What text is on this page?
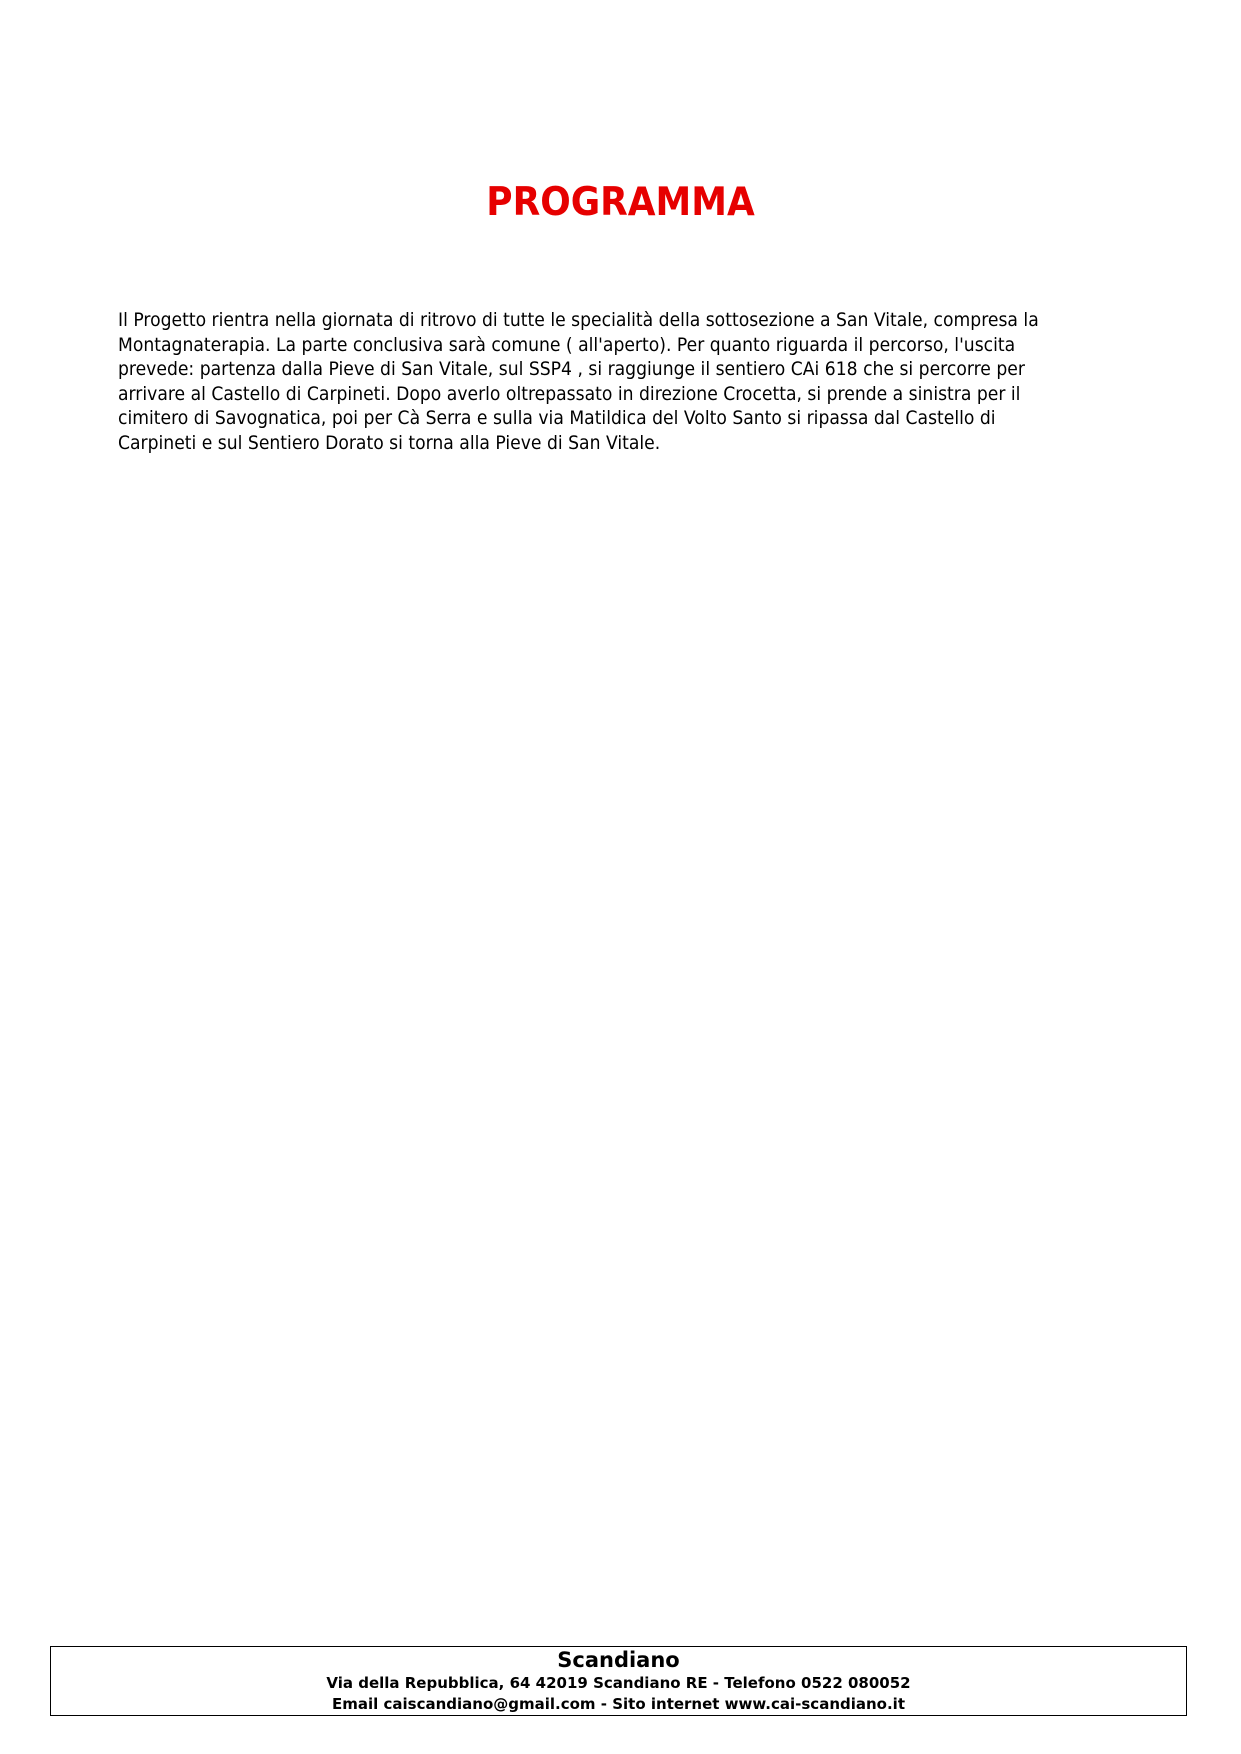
PROGRAMMA
Il Progetto rientra nella giornata di ritrovo di tutte le specialità della sottosezione a San Vitale, compresa la
Montagnaterapia. La parte conclusiva sarà comune ( all'aperto). Per quanto riguarda il percorso, l'uscita
prevede: partenza dalla Pieve di San Vitale, sul SSP4 , si raggiunge il sentiero CAi 618 che si percorre per
arrivare al Castello di Carpineti. Dopo averlo oltrepassato in direzione Crocetta, si prende a sinistra per il
cimitero di Savognatica, poi per Cà Serra e sulla via Matildica del Volto Santo si ripassa dal Castello di
Carpineti e sul Sentiero Dorato si torna alla Pieve di San Vitale.
Scandiano
Via della Repubblica, 64 42019 Scandiano RE - Telefono 0522 080052
Email caiscandiano@gmail.com - Sito internet www.cai-scandiano.it
